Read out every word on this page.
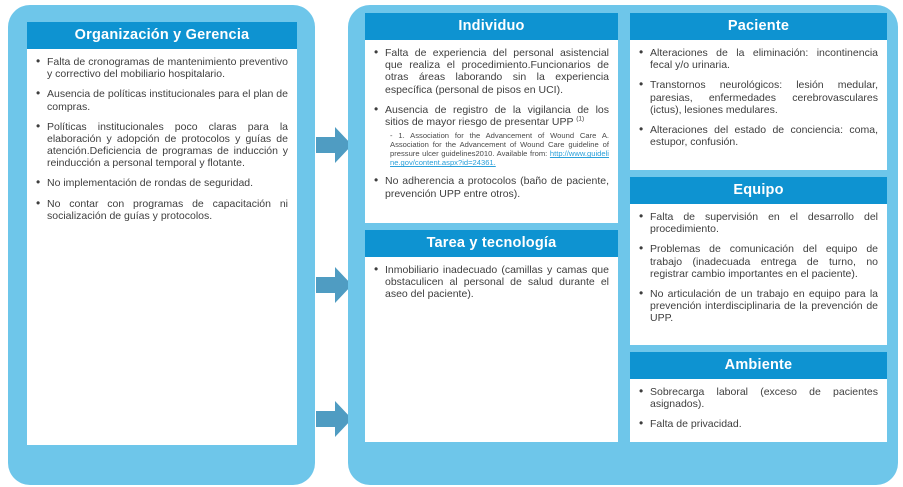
Organización y Gerencia
• Falta de cronogramas de mantenimiento preventivo y correctivo del mobiliario hospitalario.
• Ausencia de políticas institucionales para el plan de compras.
• Políticas institucionales poco claras para la elaboración y adopción de protocolos y guías de atención.Deficiencia de programas de inducción y reinducción a personal temporal y flotante.
• No implementación de rondas de seguridad.
• No contar con programas de capacitación ni socialización de guías y protocolos.
Individuo
• Falta de experiencia del personal asistencial que realiza el procedimiento.Funcionarios de otras áreas laborando sin la experiencia específica (personal de pisos en UCI).
• Ausencia de registro de la vigilancia de los sitios de mayor riesgo de presentar UPP $^{(1)}$
- 1. Association for the Advancement of Wound Care A. Association for the Advancement of Wound Care guideline of pressure ulcer guidelines2010. Available from: http://www.guideline.gov/content.aspx?id=24361.
• No adherencia a protocolos (baño de paciente, prevención UPP entre otros).
Tarea y tecnología
• Inmobiliario inadecuado (camillas y camas que obstaculicen al personal de salud durante el aseo del paciente).
Paciente
• Alteraciones de la eliminación: incontinencia fecal y/o urinaria.
• Transtornos neurológicos: lesión medular, paresias, enfermedades cerebrovasculares (ictus), lesiones medulares.
• Alteraciones del estado de conciencia: coma, estupor, confusión.
Equipo
• Falta de supervisión en el desarrollo del procedimiento.
• Problemas de comunicación del equipo de trabajo (inadecuada entrega de turno, no registrar cambio importantes en el paciente).
• No articulación de un trabajo en equipo para la prevención interdisciplinaria de la prevención de UPP.
Ambiente
• Sobrecarga laboral (exceso de pacientes asignados).
• Falta de privacidad.
